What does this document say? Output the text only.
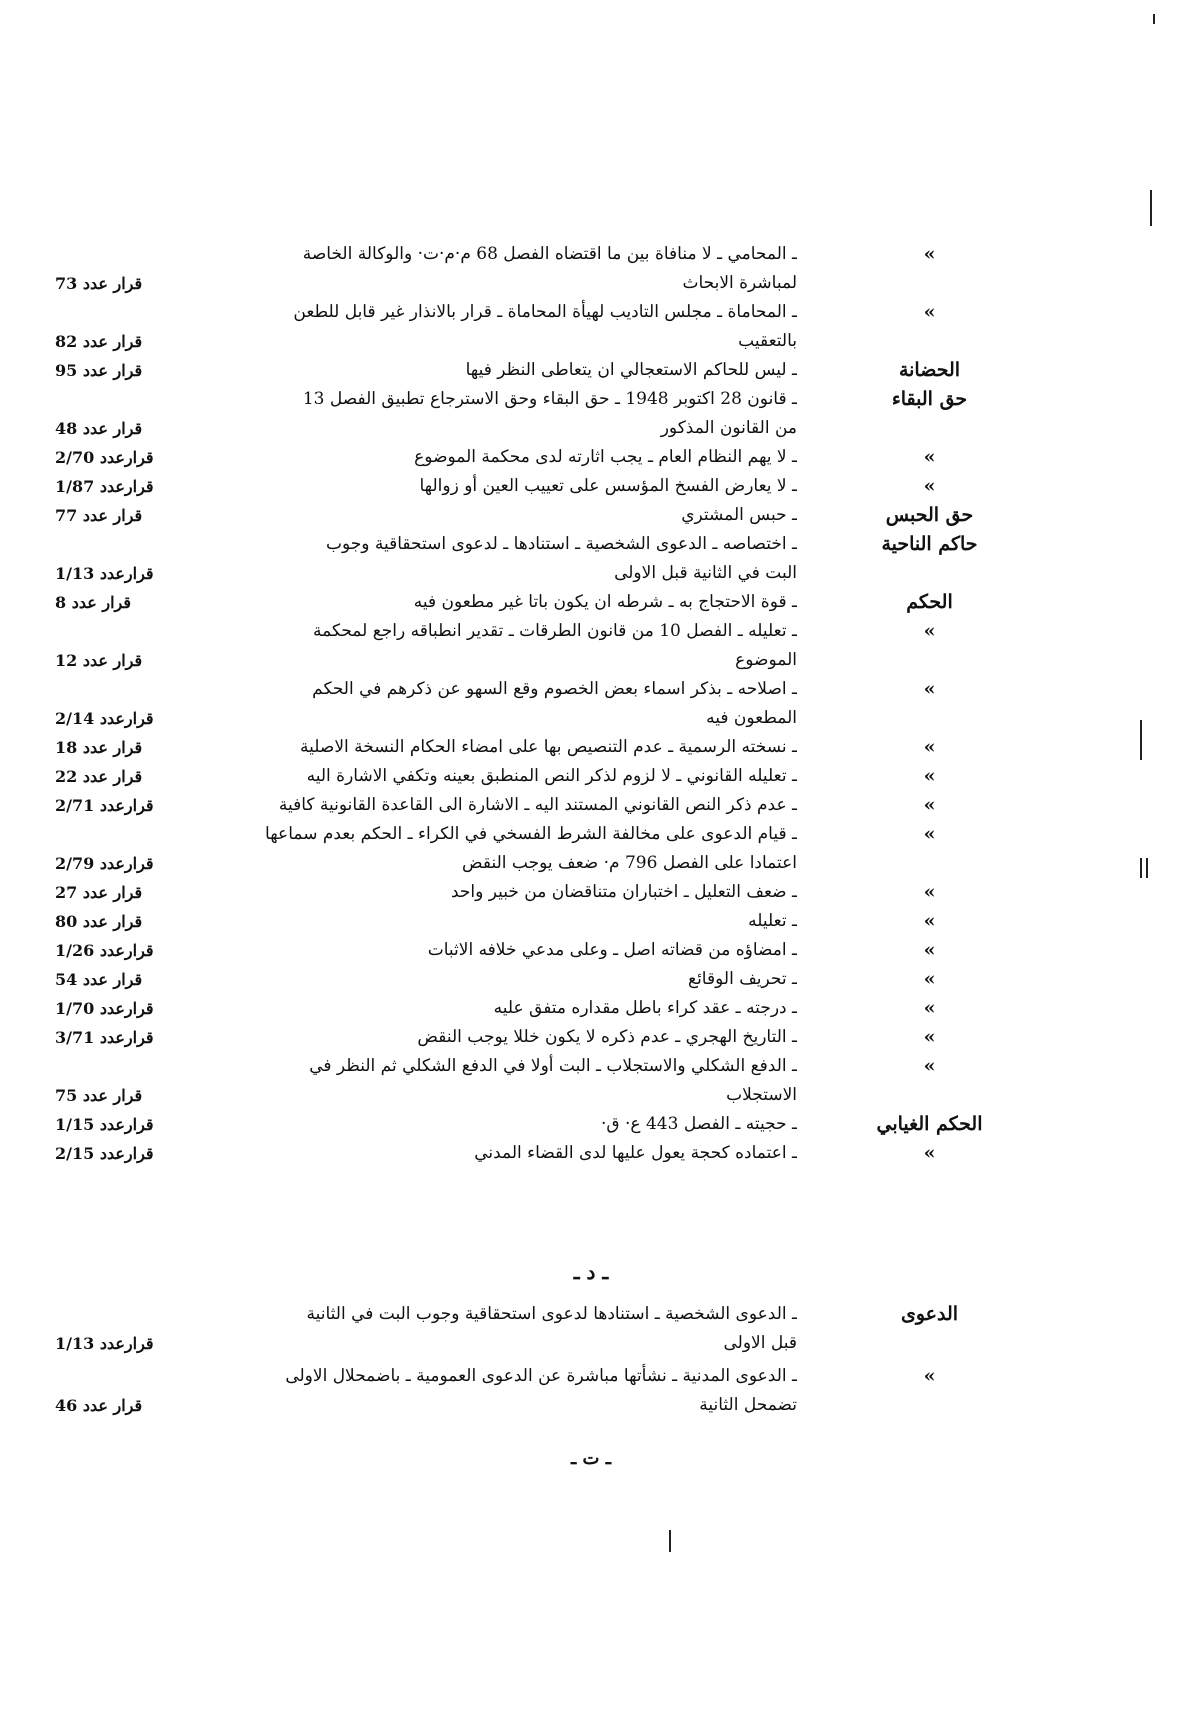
»
ـ المحامي ـ لا منافاة بين ما اقتضاه الفصل 68 م·م·ت· والوكالة الخاصة
لمباشرة الابحاث
قرار عدد 73
»
ـ المحاماة ـ مجلس التاديب لهيأة المحاماة ـ قرار بالانذار غير قابل للطعن
بالتعقيب
قرار عدد 82
الحضانة
ـ ليس للحاكم الاستعجالي ان يتعاطى النظر فيها
قرار عدد 95
حق البقاء
ـ قانون 28 اكتوبر 1948 ـ حق البقاء وحق الاسترجاع تطبيق الفصل 13
من القانون المذكور
قرار عدد 48
»
ـ لا يهم النظام العام ـ يجب اثارته لدى محكمة الموضوع
قرارعدد 2/70
»
ـ لا يعارض الفسخ المؤسس على تعييب العين أو زوالها
قرارعدد 1/87
حق الحبس
ـ حبس المشتري
قرار عدد 77
حاكم الناحية
ـ اختصاصه ـ الدعوى الشخصية ـ استنادها ـ لدعوى استحقاقية وجوب
البت في الثانية قبل الاولى
قرارعدد 1/13
الحكم
ـ قوة الاحتجاج به ـ شرطه ان يكون باتا غير مطعون فيه
قرار عدد 8
»
ـ تعليله ـ الفصل 10 من قانون الطرقات ـ تقدير انطباقه راجع لمحكمة
الموضوع
قرار عدد 12
»
ـ اصلاحه ـ بذكر اسماء بعض الخصوم وقع السهو عن ذكرهم في الحكم
المطعون فيه
قرارعدد 2/14
»
ـ نسخته الرسمية ـ عدم التنصيص بها على امضاء الحكام النسخة الاصلية
قرار عدد 18
»
ـ تعليله القانوني ـ لا لزوم لذكر النص المنطبق بعينه وتكفي الاشارة اليه
قرار عدد 22
»
ـ عدم ذكر النص القانوني المستند اليه ـ الاشارة الى القاعدة القانونية كافية
قرارعدد 2/71
»
ـ قيام الدعوى على مخالفة الشرط الفسخي في الكراء ـ الحكم بعدم سماعها
اعتمادا على الفصل 796 م· ضعف يوجب النقض
قرارعدد 2/79
»
ـ ضعف التعليل ـ اختباران متناقضان من خبير واحد
قرار عدد 27
»
ـ تعليله
قرار عدد 80
»
ـ امضاؤه من قضاته اصل ـ وعلى مدعي خلافه الاثبات
قرارعدد 1/26
»
ـ تحريف الوقائع
قرار عدد 54
»
ـ درجته ـ عقد كراء باطل مقداره متفق عليه
قرارعدد 1/70
»
ـ التاريخ الهجري ـ عدم ذكره لا يكون خللا يوجب النقض
قرارعدد 3/71
»
ـ الدفع الشكلي والاستجلاب ـ البت أولا في الدفع الشكلي ثم النظر في
الاستجلاب
قرار عدد 75
الحكم الغيابي
ـ حجيته ـ الفصل 443 ع· ق·
قرارعدد 1/15
»
ـ اعتماده كحجة يعول عليها لدى القضاء المدني
قرارعدد 2/15
ـ د ـ
الدعوى
ـ الدعوى الشخصية ـ استنادها لدعوى استحقاقية وجوب البت في الثانية
قبل الاولى
قرارعدد 1/13
»
ـ الدعوى المدنية ـ نشأتها مباشرة عن الدعوى العمومية ـ باضمحلال الاولى
تضمحل الثانية
قرار عدد 46
ـ ت ـ
